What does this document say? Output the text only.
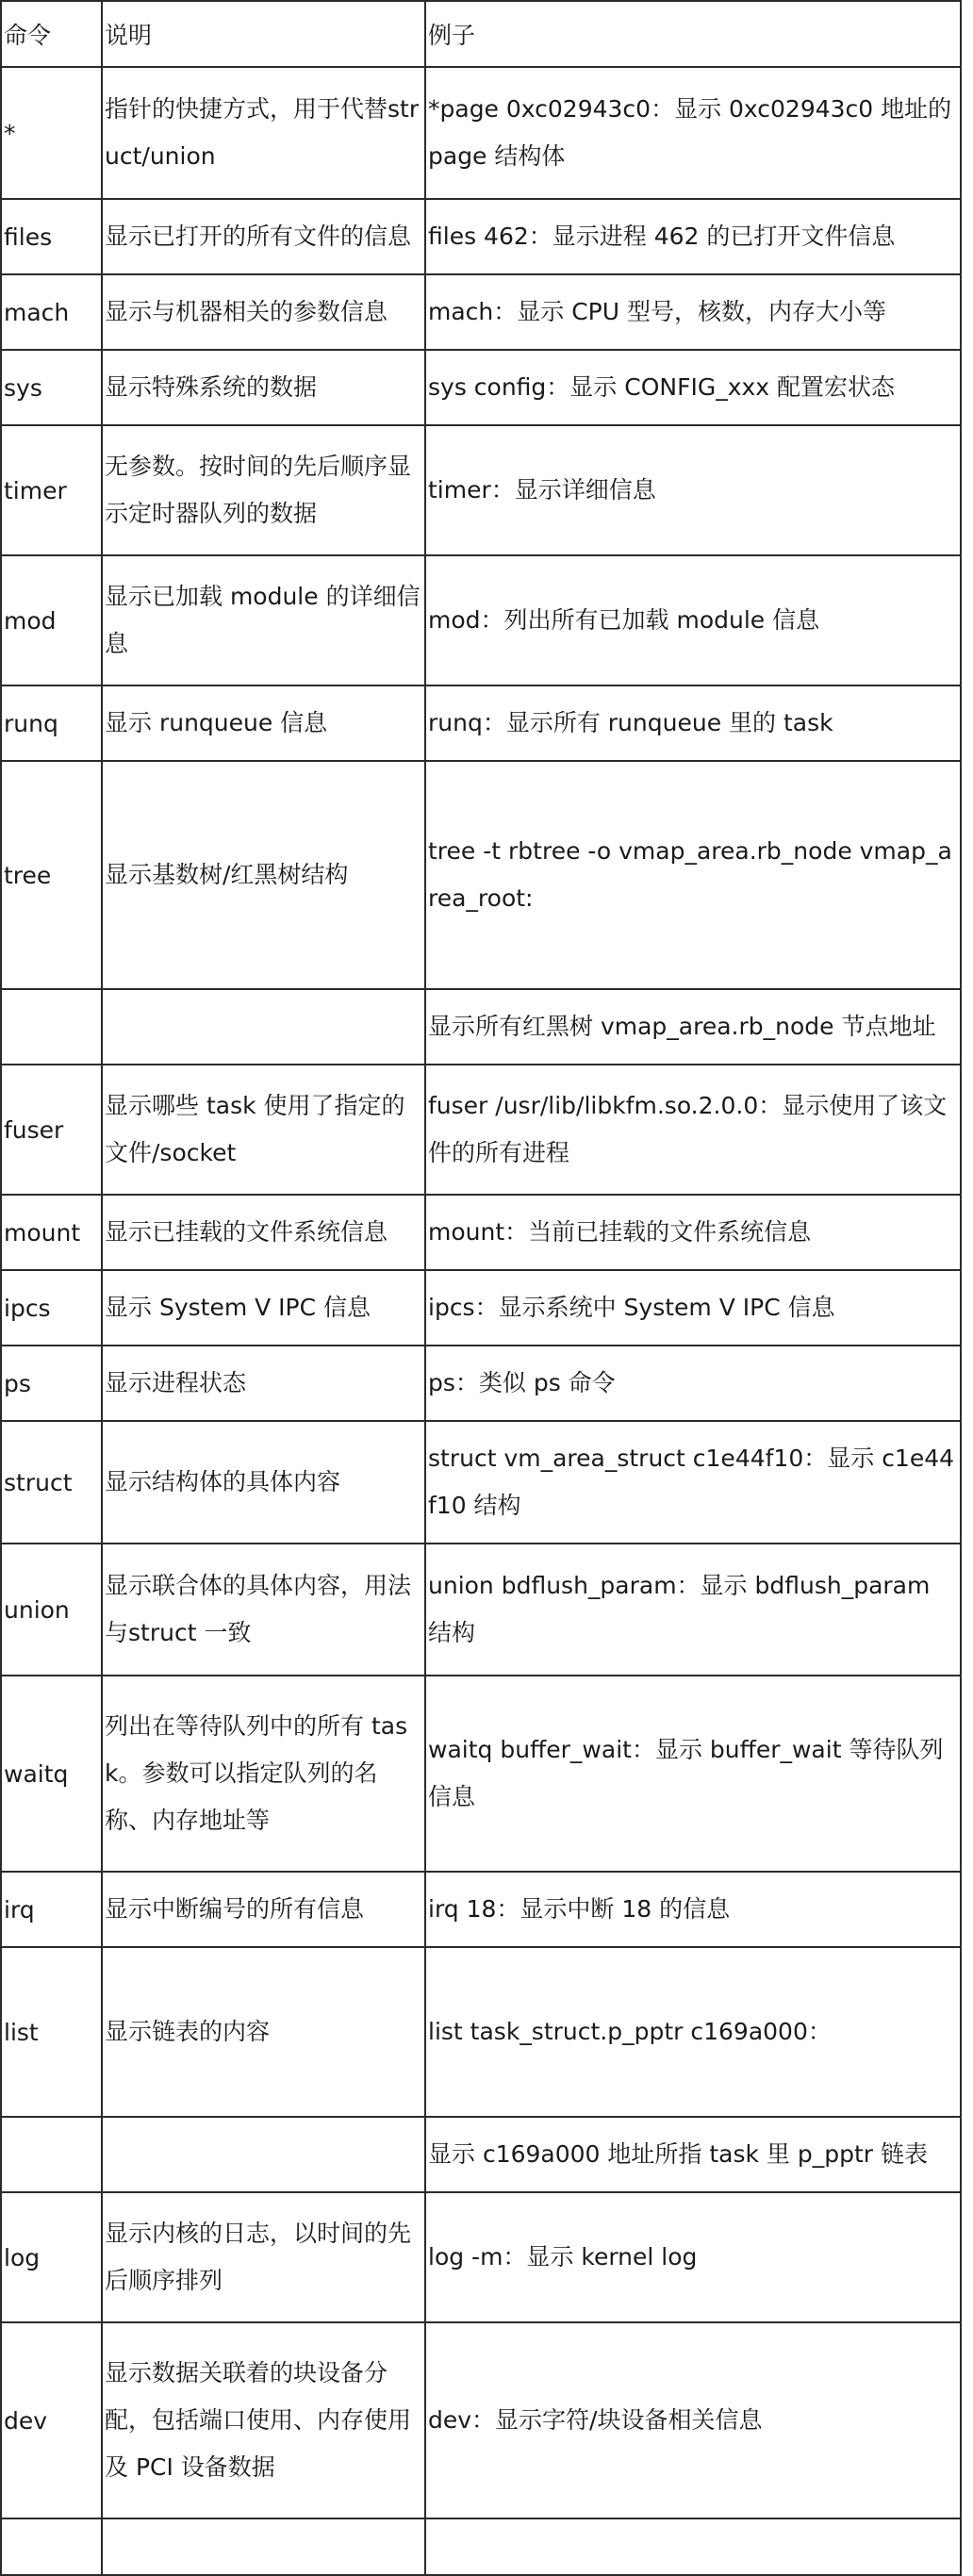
命令	说明	例子
*	指针的快捷方式，用于代替struct/union	*page 0xc02943c0：显示 0xc02943c0 地址的 page 结构体
files	显示已打开的所有文件的信息	files 462：显示进程 462 的已打开文件信息
mach	显示与机器相关的参数信息	mach：显示 CPU 型号，核数，内存大小等
sys	显示特殊系统的数据	sys config：显示 CONFIG_xxx 配置宏状态
timer	无参数。按时间的先后顺序显示定时器队列的数据	timer：显示详细信息
mod	显示已加载 module 的详细信息	mod：列出所有已加载 module 信息
runq	显示 runqueue 信息	runq：显示所有 runqueue 里的 task
tree	显示基数树/红黑树结构	tree -t rbtree -o vmap_area.rb_node vmap_area_root:
		显示所有红黑树 vmap_area.rb_node 节点地址
fuser	显示哪些 task 使用了指定的文件/socket	fuser /usr/lib/libkfm.so.2.0.0：显示使用了该文件的所有进程
mount	显示已挂载的文件系统信息	mount：当前已挂载的文件系统信息
ipcs	显示 System V IPC 信息	ipcs：显示系统中 System V IPC 信息
ps	显示进程状态	ps：类似 ps 命令
struct	显示结构体的具体内容	struct vm_area_struct c1e44f10：显示 c1e44f10 结构
union	显示联合体的具体内容，用法与struct 一致	union bdflush_param：显示 bdflush_param 结构
waitq	列出在等待队列中的所有 task。参数可以指定队列的名称、内存地址等	waitq buffer_wait：显示 buffer_wait 等待队列信息
irq	显示中断编号的所有信息	irq 18：显示中断 18 的信息
list	显示链表的内容	list task_struct.p_pptr c169a000：
		显示 c169a000 地址所指 task 里 p_pptr 链表
log	显示内核的日志，以时间的先后顺序排列	log -m：显示 kernel log
dev	显示数据关联着的块设备分配，包括端口使用、内存使用及 PCI 设备数据	dev：显示字符/块设备相关信息
